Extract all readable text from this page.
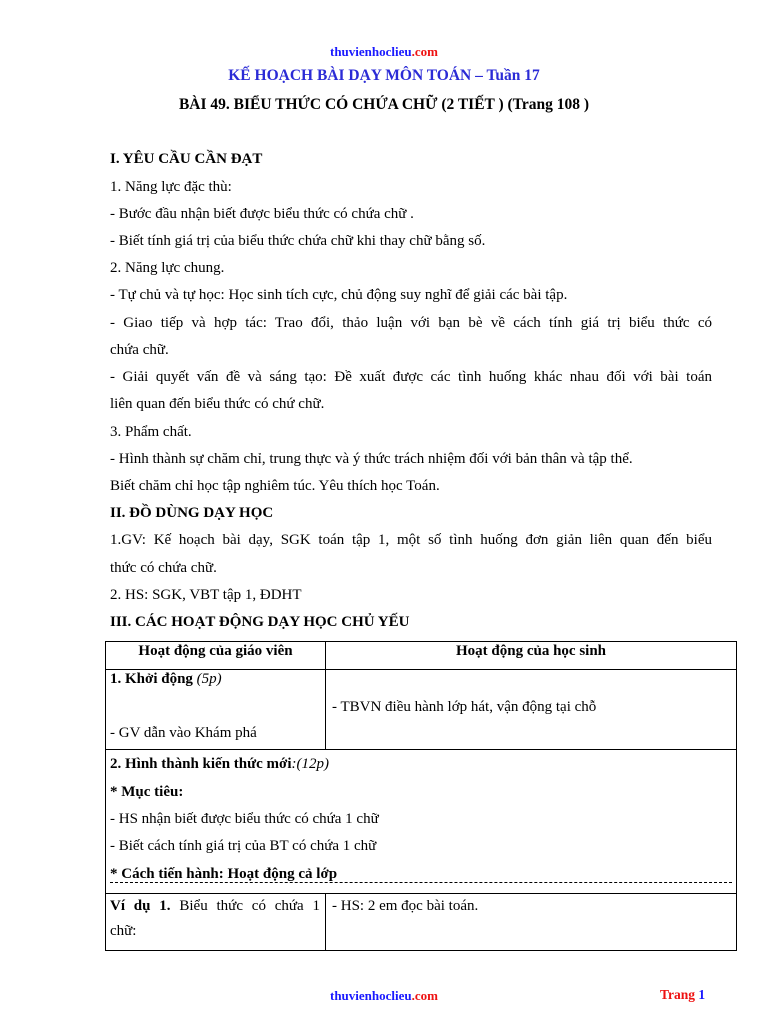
thuvienhoclieu.com
KẾ HOẠCH BÀI DẠY MÔN TOÁN – Tuần 17
BÀI 49. BIỂU THỨC CÓ CHỨA CHỮ (2 TIẾT ) (Trang 108 )
I. YÊU CẦU CẦN ĐẠT
1. Năng lực đặc thù:
- Bước đầu nhận biết được biểu thức có chứa chữ .
- Biết tính giá trị của biểu thức chứa chữ khi thay chữ bằng số.
2. Năng lực chung.
- Tự chủ và tự học: Học sinh tích cực, chủ động suy nghĩ để giải các bài tập.
- Giao tiếp và hợp tác: Trao đổi, thảo luận với bạn bè về cách tính giá trị biểu thức có
chứa chữ.
- Giải quyết vấn đề và sáng tạo: Đề xuất được các tình huống khác nhau đối với bài toán
liên quan đến biểu thức có chứ chữ.
3. Phẩm chất.
- Hình thành sự chăm chỉ, trung thực và ý thức trách nhiệm đối với bản thân và tập thể.
Biết chăm chỉ học tập nghiêm túc. Yêu thích học Toán.
II. ĐỒ DÙNG DẠY HỌC
1.GV: Kế hoạch bài dạy, SGK toán tập 1, một số tình huống đơn giản liên quan đến biểu
thức có chứa chữ.
2. HS: SGK, VBT tập 1, ĐDHT
III. CÁC HOẠT ĐỘNG DẠY HỌC CHỦ YẾU
Hoạt động của giáo viên	Hoạt động của học sinh
1. Khởi động (5p)
- GV dẫn vào Khám phá
- TBVN điều hành lớp hát, vận động tại chỗ
2. Hình thành kiến thức mới:(12p)
* Mục tiêu:
- HS nhận biết được biểu thức có chứa 1 chữ
- Biết cách tính giá trị của BT có chứa 1 chữ
* Cách tiến hành: Hoạt động cả lớp
Ví dụ 1. Biểu thức có chứa 1
chữ:
- HS: 2 em đọc bài toán.
thuvienhoclieu.com	Trang 1
